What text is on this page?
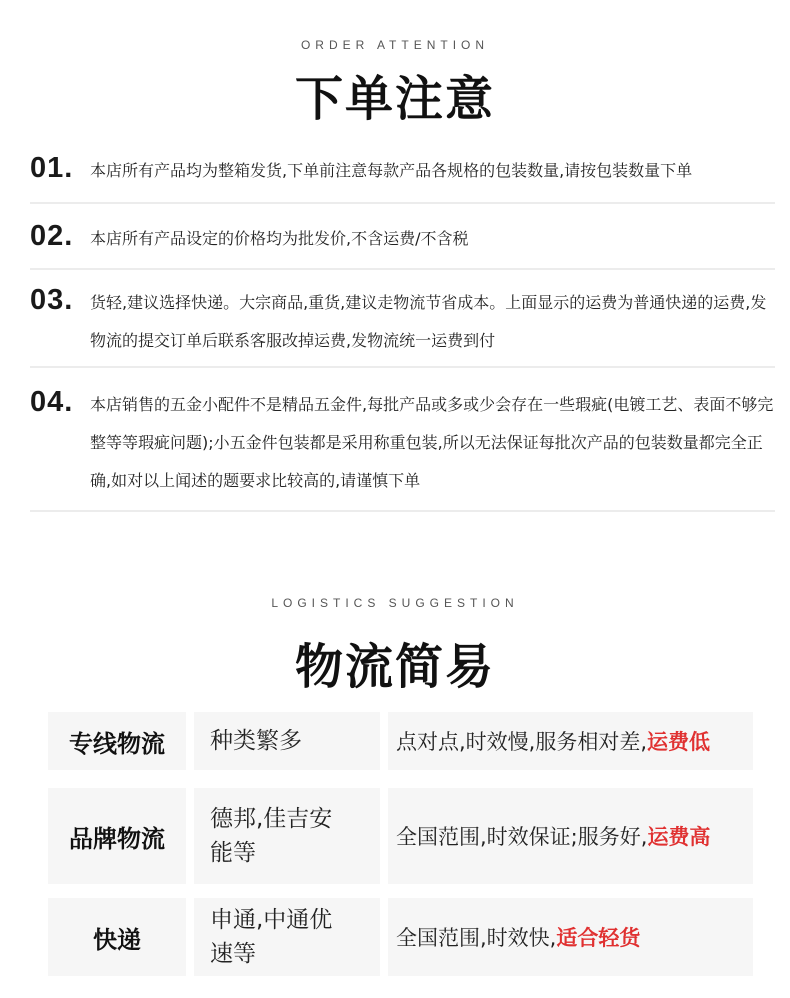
ORDER ATTENTION
下单注意
01. 本店所有产品均为整箱发货,下单前注意每款产品各规格的包装数量,请按包装数量下单
02. 本店所有产品设定的价格均为批发价,不含运费/不含税
03. 货轻,建议选择快递。大宗商品,重货,建议走物流节省成本。上面显示的运费为普通快递的运费,发物流的提交订单后联系客服改掉运费,发物流统一运费到付
04. 本店销售的五金小配件不是精品五金件,每批产品或多或少会存在一些瑕疵(电镀工艺、表面不够完整等等瑕疵问题);小五金件包装都是采用称重包装,所以无法保证每批次产品的包装数量都完全正确,如对以上闻述的题要求比较高的,请谨慎下单
LOGISTICS SUGGESTION
物流简易
专线物流	种类繁多	点对点,时效慢,服务相对差, 运费低
品牌物流
德邦,佳吉安能等
全国范围,时效保证;服务好, 运费高
快递
申通,中通优速等
全国范围,时效快, 适合轻货
